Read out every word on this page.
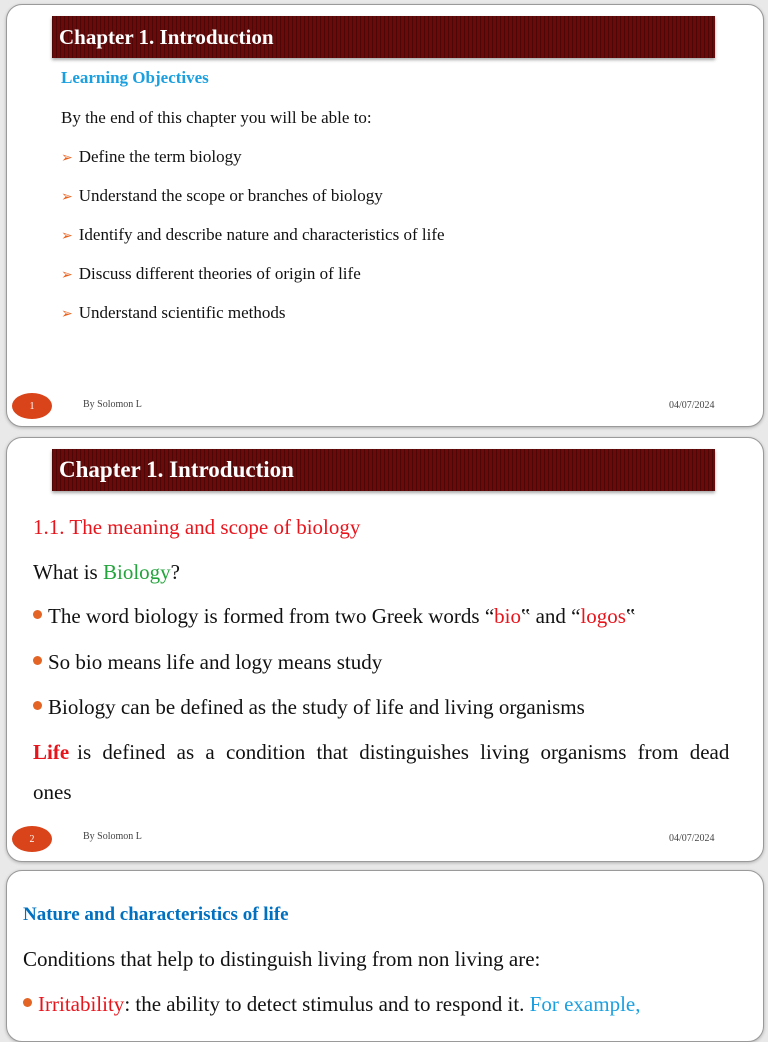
Chapter 1. Introduction
Learning Objectives
By the end of this chapter you will be able to:
➢ Define the term biology
➢ Understand the scope or branches of biology
➢ Identify and describe nature and characteristics of life
➢ Discuss different theories of origin of life
➢ Understand scientific methods
1	By Solomon L	04/07/2024
Chapter 1. Introduction
1.1. The meaning and scope of biology
What is Biology?
The word biology is formed from two Greek words “bio‟ and “logos‟
So bio means life and logy means study
Biology can be defined as the study of life and living organisms
Life is defined as a condition that distinguishes living organisms from dead
ones
2	By Solomon L	04/07/2024
Nature and characteristics of life
Conditions that help to distinguish living from non living are:
Irritability: the ability to detect stimulus and to respond it. For example,
